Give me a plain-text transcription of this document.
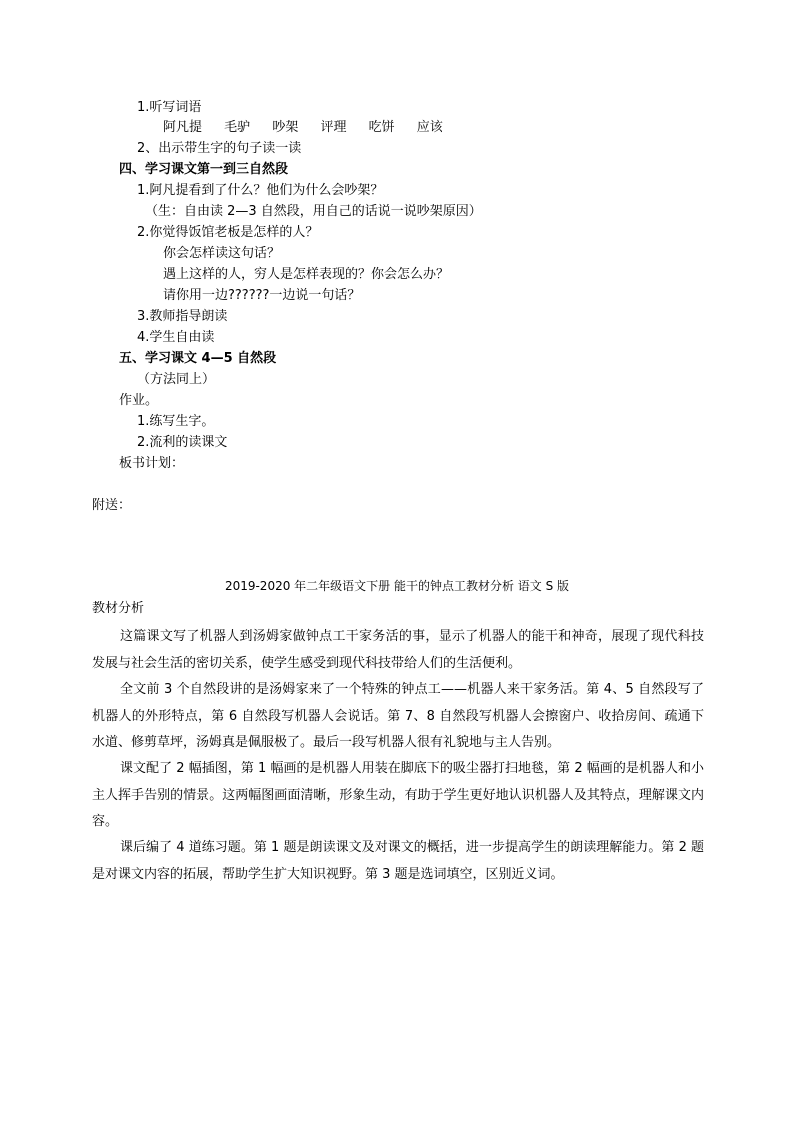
1.听写词语
阿凡提 毛驴 吵架 评理 吃饼 应该
2、出示带生字的句子读一读
四、学习课文第一到三自然段
1.阿凡提看到了什么？他们为什么会吵架？
（生：自由读 2—3 自然段，用自己的话说一说吵架原因）
2.你觉得饭馆老板是怎样的人？
你会怎样读这句话？
遇上这样的人，穷人是怎样表现的？你会怎么办？
请你用一边??????一边说一句话？
3.教师指导朗读
4.学生自由读
五、学习课文 4—5 自然段
（方法同上）
作业。
1.练写生字。
2.流利的读课文
板书计划：
附送：
2019-2020 年二年级语文下册 能干的钟点工教材分析 语文 S 版
教材分析
这篇课文写了机器人到汤姆家做钟点工干家务活的事，显示了机器人的能干和神奇，展现了现代科技发展与社会生活的密切关系，使学生感受到现代科技带给人们的生活便利。
全文前 3 个自然段讲的是汤姆家来了一个特殊的钟点工——机器人来干家务活。第 4、5 自然段写了机器人的外形特点，第 6 自然段写机器人会说话。第 7、8 自然段写机器人会擦窗户、收拾房间、疏通下水道、修剪草坪，汤姆真是佩服极了。最后一段写机器人很有礼貌地与主人告别。
课文配了 2 幅插图，第 1 幅画的是机器人用装在脚底下的吸尘器打扫地毯，第 2 幅画的是机器人和小主人挥手告别的情景。这两幅图画面清晰，形象生动，有助于学生更好地认识机器人及其特点，理解课文内容。
课后编了 4 道练习题。第 1 题是朗读课文及对课文的概括，进一步提高学生的朗读理解能力。第 2 题是对课文内容的拓展，帮助学生扩大知识视野。第 3 题是选词填空，区别近义词。
